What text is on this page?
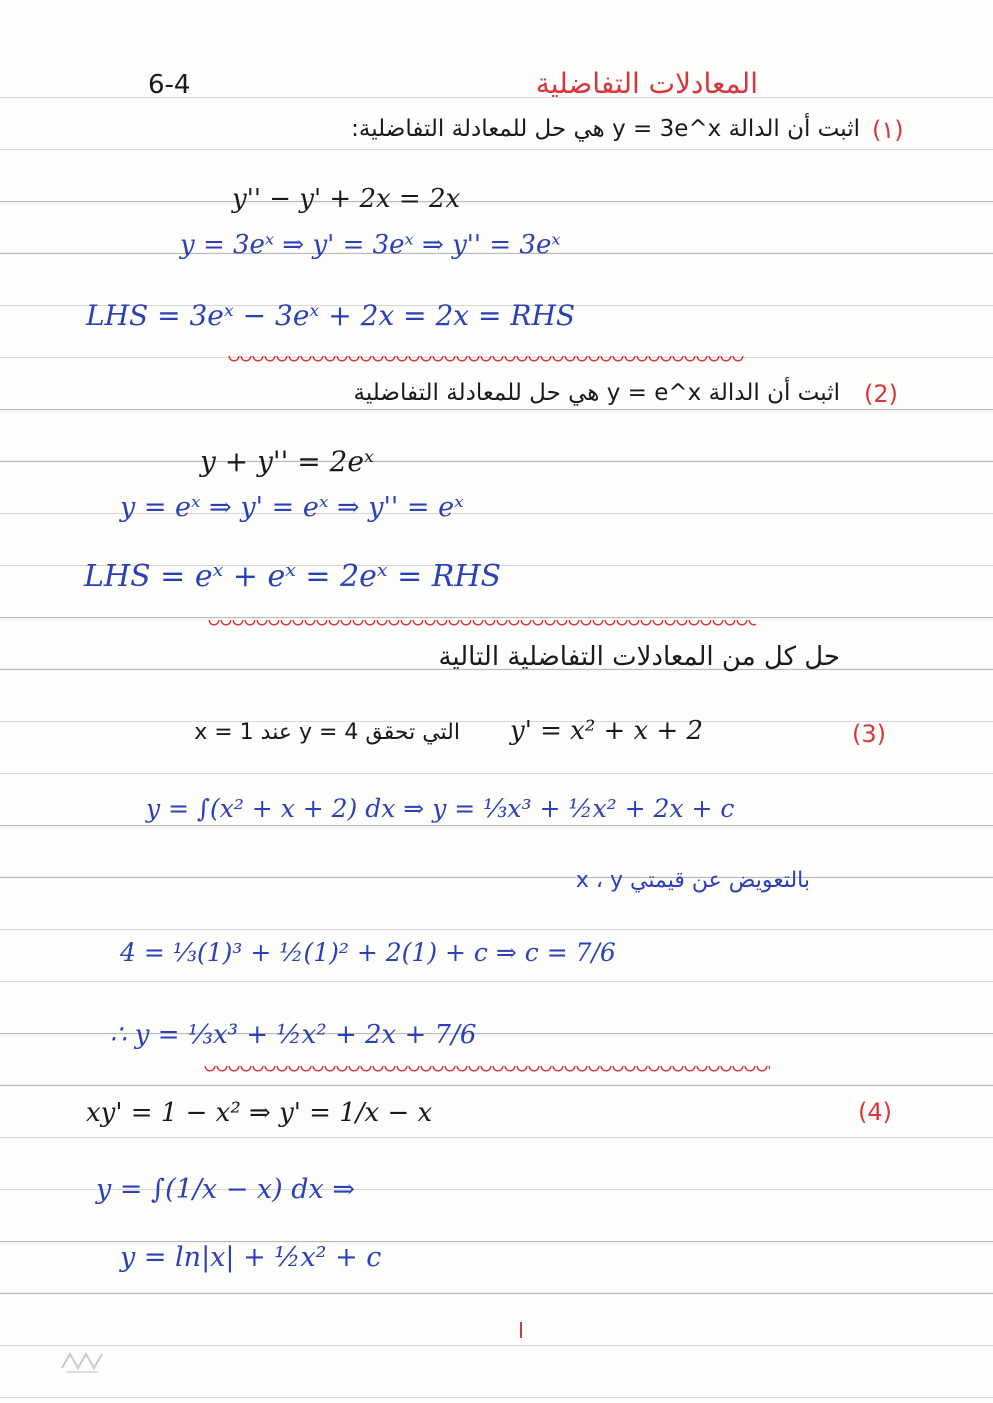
6-4	المعادلات التفاضلية
(١)
اثبت أن الدالة y = 3e^x هي حل للمعادلة التفاضلية:
y'' − y' + 2x = 2x
y = 3eˣ ⇒ y' = 3eˣ ⇒ y'' = 3eˣ
LHS = 3eˣ − 3eˣ + 2x = 2x = RHS
(2)
اثبت أن الدالة y = e^x هي حل للمعادلة التفاضلية
y + y'' = 2eˣ
y = eˣ ⇒ y' = eˣ ⇒ y'' = eˣ
LHS = eˣ + eˣ = 2eˣ = RHS
حل كل من المعادلات التفاضلية التالية
(3)
y' = x² + x + 2
التي تحقق y = 4 عند x = 1
y = ∫(x² + x + 2) dx ⇒ y = ⅓x³ + ½x² + 2x + c
بالتعويض عن قيمتي x ، y
4 = ⅓(1)³ + ½(1)² + 2(1) + c ⇒ c = 7/6
∴ y = ⅓x³ + ½x² + 2x + 7/6
(4)
xy' = 1 − x² ⇒ y' = 1/x − x
y = ∫(1/x − x) dx ⇒
y = ln|x| + ½x² + c
